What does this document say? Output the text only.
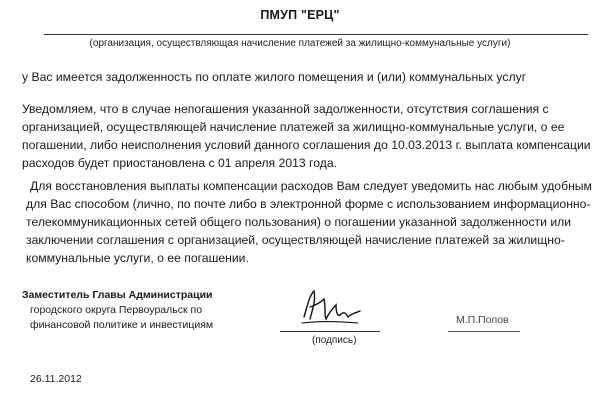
ПМУП "ЕРЦ"
(организация, осуществляющая начисление платежей за жилищно-коммунальные услуги)
у Вас имеется задолженность по оплате жилого помещения и (или) коммунальных услуг
Уведомляем, что в случае непогашения указанной задолженности, отсутствия соглашения с
организацией, осуществляющей начисление платежей за жилищно-коммунальные услуги, о ее
погашении, либо неисполнения условий данного соглашения до 10.03.2013 г. выплата компенсации
расходов будет приостановлена с 01 апреля 2013 года.
Для восстановления выплаты компенсации расходов Вам следует уведомить нас любым удобным
для Вас способом (лично, по почте либо в электронной форме с использованием информационно-
телекоммуникационных сетей общего пользования) о погашении указанной задолженности или
заключении соглашения с организацией, осуществляющей начисление платежей за жилищно-
коммунальные услуги, о ее погашении.
Заместитель Главы Администрации
городского округа Первоуральск по
финансовой политике и инвестициям
(подпись)
М.П.Попов
26.11.2012
